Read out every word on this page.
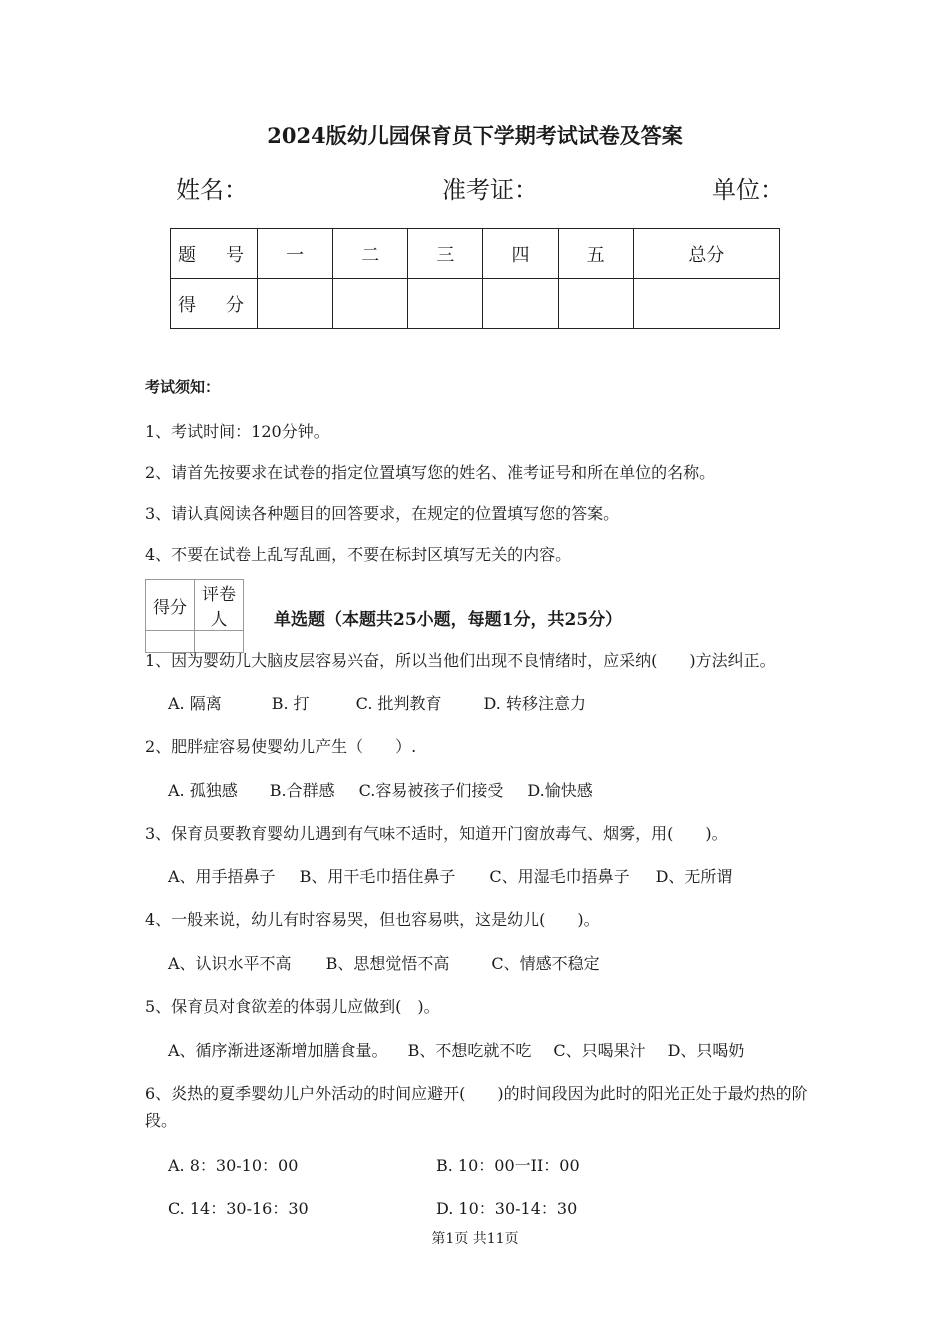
2024版幼儿园保育员下学期考试试卷及答案
姓名：	准考证：	单位：
题　号	一	二	三	四	五	总分
得　分						
考试须知：
1、考试时间：120分钟。
2、请首先按要求在试卷的指定位置填写您的姓名、准考证号和所在单位的名称。
3、请认真阅读各种题目的回答要求，在规定的位置填写您的答案。
4、不要在试卷上乱写乱画，不要在标封区填写无关的内容。
得分	评卷人
		单选题（本题共25小题，每题1分，共25分）
1、因为婴幼儿大脑皮层容易兴奋，所以当他们出现不良情绪时，应采纳(　　)方法纠正。
A. 隔离	B. 打	C. 批判教育	D. 转移注意力
2、肥胖症容易使婴幼儿产生（　　）.
A. 孤独感 B.合群感 C.容易被孩子们接受 D.愉快感
3、保育员要教育婴幼儿遇到有气味不适时，知道开门窗放毒气、烟雾，用(　　)。
A、用手捂鼻子 B、用干毛巾捂住鼻子 C、用湿毛巾捂鼻子 D、无所谓
4、一般来说，幼儿有时容易哭，但也容易哄，这是幼儿(　　)。
A、认识水平不高 B、思想觉悟不高	C、情感不稳定
5、保育员对食欲差的体弱儿应做到(　)。
A、循序渐进逐渐增加膳食量。 B、不想吃就不吃 C、只喝果汁 D、只喝奶
6、炎热的夏季婴幼儿户外活动的时间应避开(　　)的时间段因为此时的阳光正处于最灼热的阶段。
A. 8：30-10：00	B. 10：00一II：00
C. 14：30-16：30	D. 10：30-14：30
第1页 共11页
